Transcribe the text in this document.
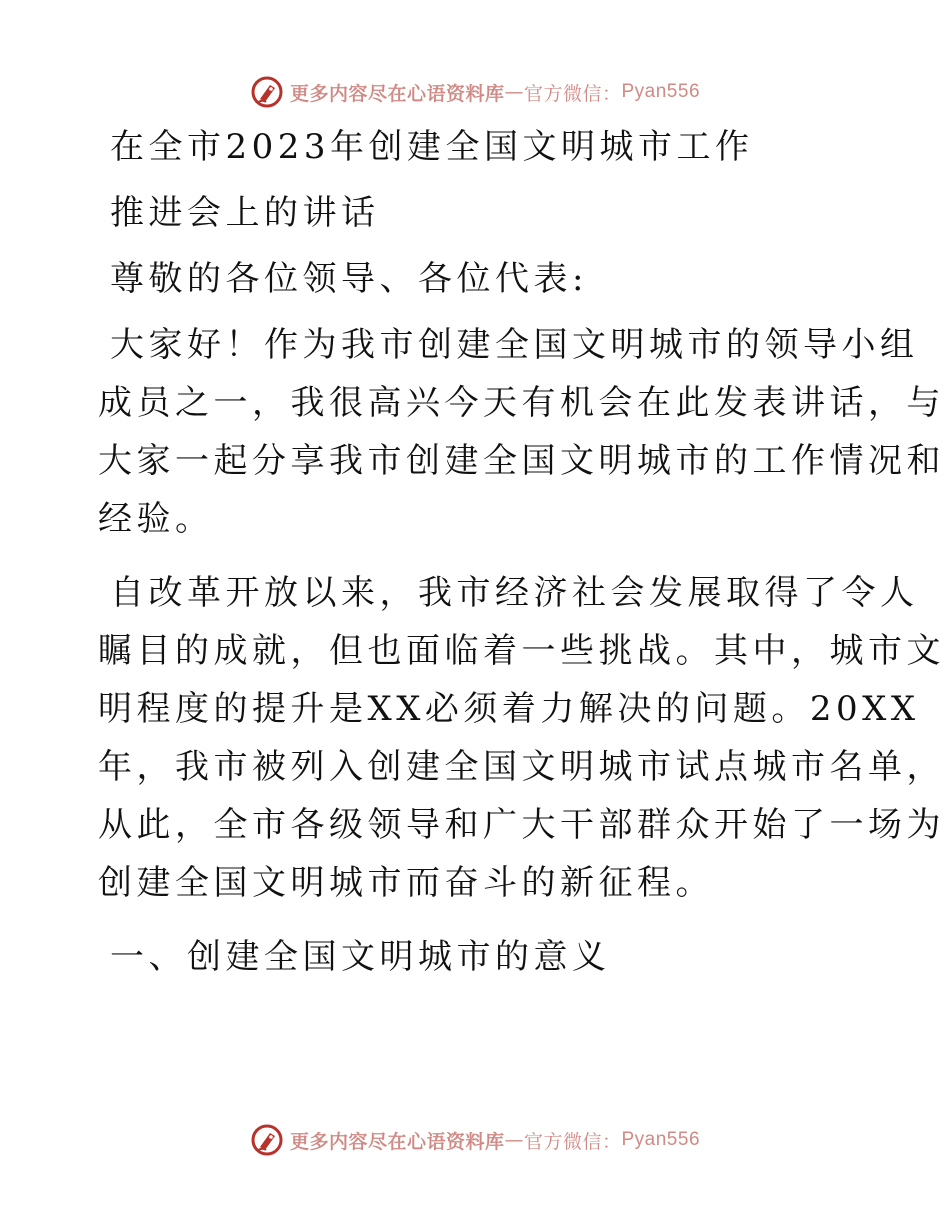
更多内容尽在心语资料库 — 官方微信： Pyan556

在全市2023年创建全国文明城市工作

推进会上的讲话

尊敬的各位领导、各位代表:

大家好！作为我市创建全国文明城市的领导小组

成员之一，我很高兴今天有机会在此发表讲话，与

大家一起分享我市创建全国文明城市的工作情况和

经验。

自改革开放以来，我市经济社会发展取得了令人

瞩目的成就，但也面临着一些挑战。其中，城市文

明程度的提升是XX必须着力解决的问题。20XX

年，我市被列入创建全国文明城市试点城市名单，

从此，全市各级领导和广大干部群众开始了一场为

创建全国文明城市而奋斗的新征程。

一、创建全国文明城市的意义

更多内容尽在心语资料库 — 官方微信： Pyan556
